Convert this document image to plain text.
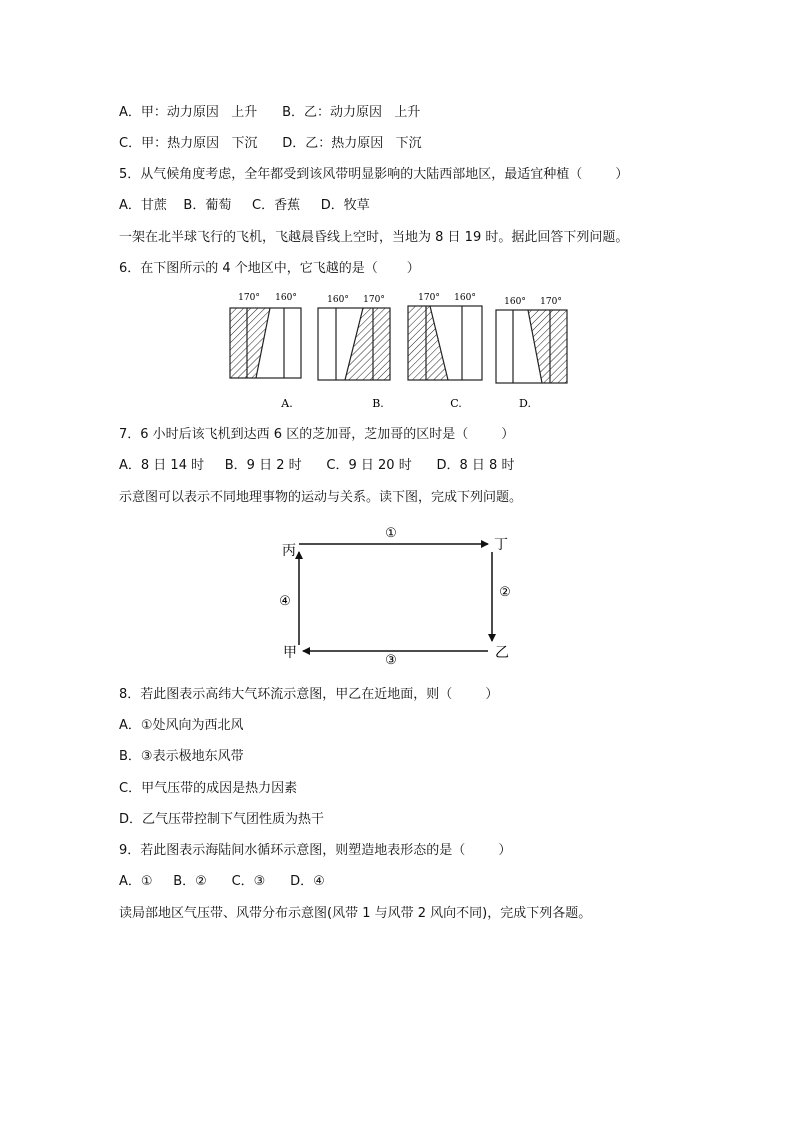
A．甲：动力原因   上升      B．乙：动力原因   上升
C．甲：热力原因   下沉      D．乙：热力原因   下沉
5．从气候角度考虑，全年都受到该风带明显影响的大陆西部地区，最适宜种植（        ）
A．甘蔗    B．葡萄     C．香蕉     D．牧草
一架在北半球飞行的飞机，飞越晨昏线上空时，当地为 8 日 19 时。据此回答下列问题。
6．在下图所示的 4 个地区中，它飞越的是（       ）
170° 160°
A.
160° 170°
B.
170° 160°
C.
160° 170°
D.
7．6 小时后该飞机到达西 6 区的芝加哥，芝加哥的区时是（        ）
A．8 日 14 时     B．9 日 2 时      C．9 日 20 时      D．8 日 8 时
示意图可以表示不同地理事物的运动与关系。读下图，完成下列问题。
丙	丁
甲	乙
①
②
③
④
8．若此图表示高纬大气环流示意图，甲乙在近地面，则（        ）
A．①处风向为西北风
B．③表示极地东风带
C．甲气压带的成因是热力因素
D．乙气压带控制下气团性质为热干
9．若此图表示海陆间水循环示意图，则塑造地表形态的是（        ）
A．①     B．②      C．③      D．④
读局部地区气压带、风带分布示意图(风带 1 与风带 2 风向不同)，完成下列各题。
